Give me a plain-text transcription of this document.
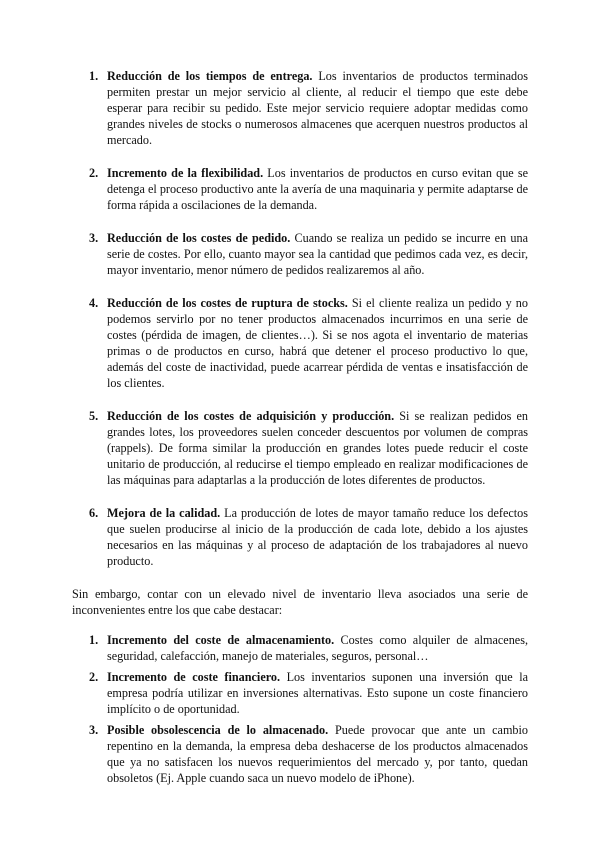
1. Reducción de los tiempos de entrega. Los inventarios de productos terminados permiten prestar un mejor servicio al cliente, al reducir el tiempo que este debe esperar para recibir su pedido. Este mejor servicio requiere adoptar medidas como grandes niveles de stocks o numerosos almacenes que acerquen nuestros productos al mercado.
2. Incremento de la flexibilidad. Los inventarios de productos en curso evitan que se detenga el proceso productivo ante la avería de una maquinaria y permite adaptarse de forma rápida a oscilaciones de la demanda.
3. Reducción de los costes de pedido. Cuando se realiza un pedido se incurre en una serie de costes. Por ello, cuanto mayor sea la cantidad que pedimos cada vez, es decir, mayor inventario, menor número de pedidos realizaremos al año.
4. Reducción de los costes de ruptura de stocks. Si el cliente realiza un pedido y no podemos servirlo por no tener productos almacenados incurrimos en una serie de costes (pérdida de imagen, de clientes…). Si se nos agota el inventario de materias primas o de productos en curso, habrá que detener el proceso productivo lo que, además del coste de inactividad, puede acarrear pérdida de ventas e insatisfacción de los clientes.
5. Reducción de los costes de adquisición y producción. Si se realizan pedidos en grandes lotes, los proveedores suelen conceder descuentos por volumen de compras (rappels). De forma similar la producción en grandes lotes puede reducir el coste unitario de producción, al reducirse el tiempo empleado en realizar modificaciones de las máquinas para adaptarlas a la producción de lotes diferentes de productos.
6. Mejora de la calidad. La producción de lotes de mayor tamaño reduce los defectos que suelen producirse al inicio de la producción de cada lote, debido a los ajustes necesarios en las máquinas y al proceso de adaptación de los trabajadores al nuevo producto.

Sin embargo, contar con un elevado nivel de inventario lleva asociados una serie de inconvenientes entre los que cabe destacar:

1. Incremento del coste de almacenamiento. Costes como alquiler de almacenes, seguridad, calefacción, manejo de materiales, seguros, personal…
2. Incremento de coste financiero. Los inventarios suponen una inversión que la empresa podría utilizar en inversiones alternativas. Esto supone un coste financiero implícito o de oportunidad.
3. Posible obsolescencia de lo almacenado. Puede provocar que ante un cambio repentino en la demanda, la empresa deba deshacerse de los productos almacenados que ya no satisfacen los nuevos requerimientos del mercado y, por tanto, quedan obsoletos (Ej. Apple cuando saca un nuevo modelo de iPhone).
